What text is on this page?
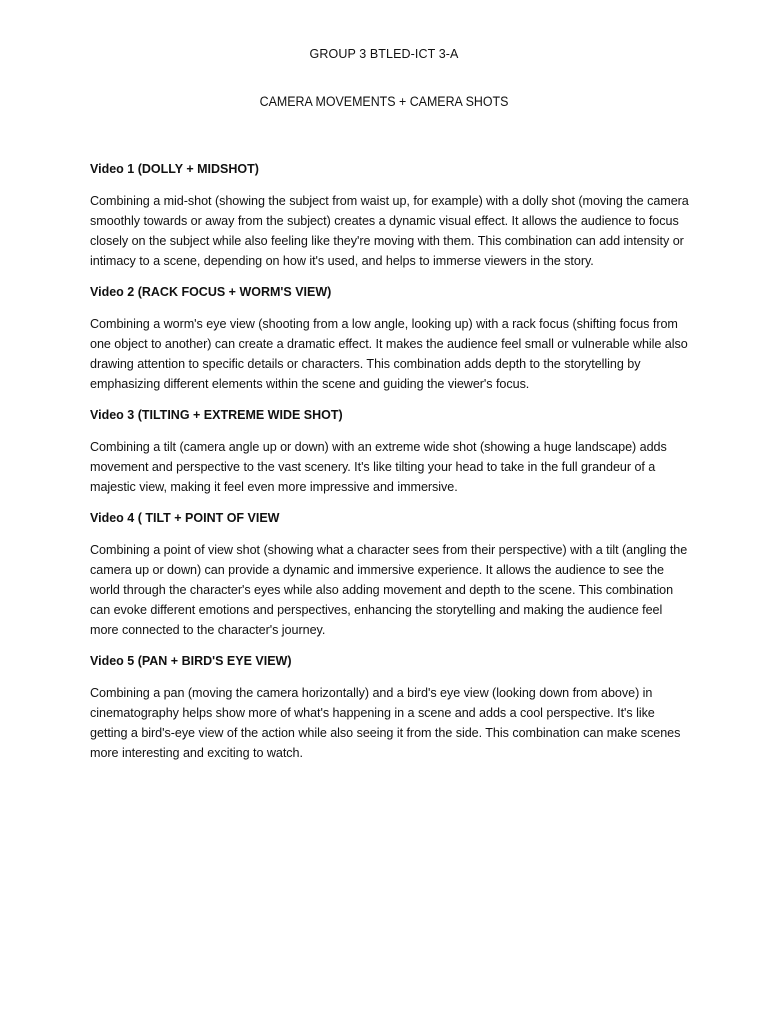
GROUP 3 BTLED-ICT 3-A
CAMERA MOVEMENTS + CAMERA SHOTS

Video 1 (DOLLY + MIDSHOT)

Combining a mid-shot (showing the subject from waist up, for example) with a dolly shot (moving the camera smoothly towards or away from the subject) creates a dynamic visual effect. It allows the audience to focus closely on the subject while also feeling like they're moving with them. This combination can add intensity or intimacy to a scene, depending on how it's used, and helps to immerse viewers in the story.

Video 2 (RACK FOCUS + WORM'S VIEW)

Combining a worm's eye view (shooting from a low angle, looking up) with a rack focus (shifting focus from one object to another) can create a dramatic effect. It makes the audience feel small or vulnerable while also drawing attention to specific details or characters. This combination adds depth to the storytelling by emphasizing different elements within the scene and guiding the viewer's focus.

Video 3 (TILTING + EXTREME WIDE SHOT)

Combining a tilt (camera angle up or down) with an extreme wide shot (showing a huge landscape) adds movement and perspective to the vast scenery. It's like tilting your head to take in the full grandeur of a majestic view, making it feel even more impressive and immersive.

Video 4 ( TILT + POINT OF VIEW

Combining a point of view shot (showing what a character sees from their perspective) with a tilt (angling the camera up or down) can provide a dynamic and immersive experience. It allows the audience to see the world through the character's eyes while also adding movement and depth to the scene. This combination can evoke different emotions and perspectives, enhancing the storytelling and making the audience feel more connected to the character's journey.

Video 5 (PAN + BIRD'S EYE VIEW)

Combining a pan (moving the camera horizontally) and a bird's eye view (looking down from above) in cinematography helps show more of what's happening in a scene and adds a cool perspective. It's like getting a bird's-eye view of the action while also seeing it from the side. This combination can make scenes more interesting and exciting to watch.
